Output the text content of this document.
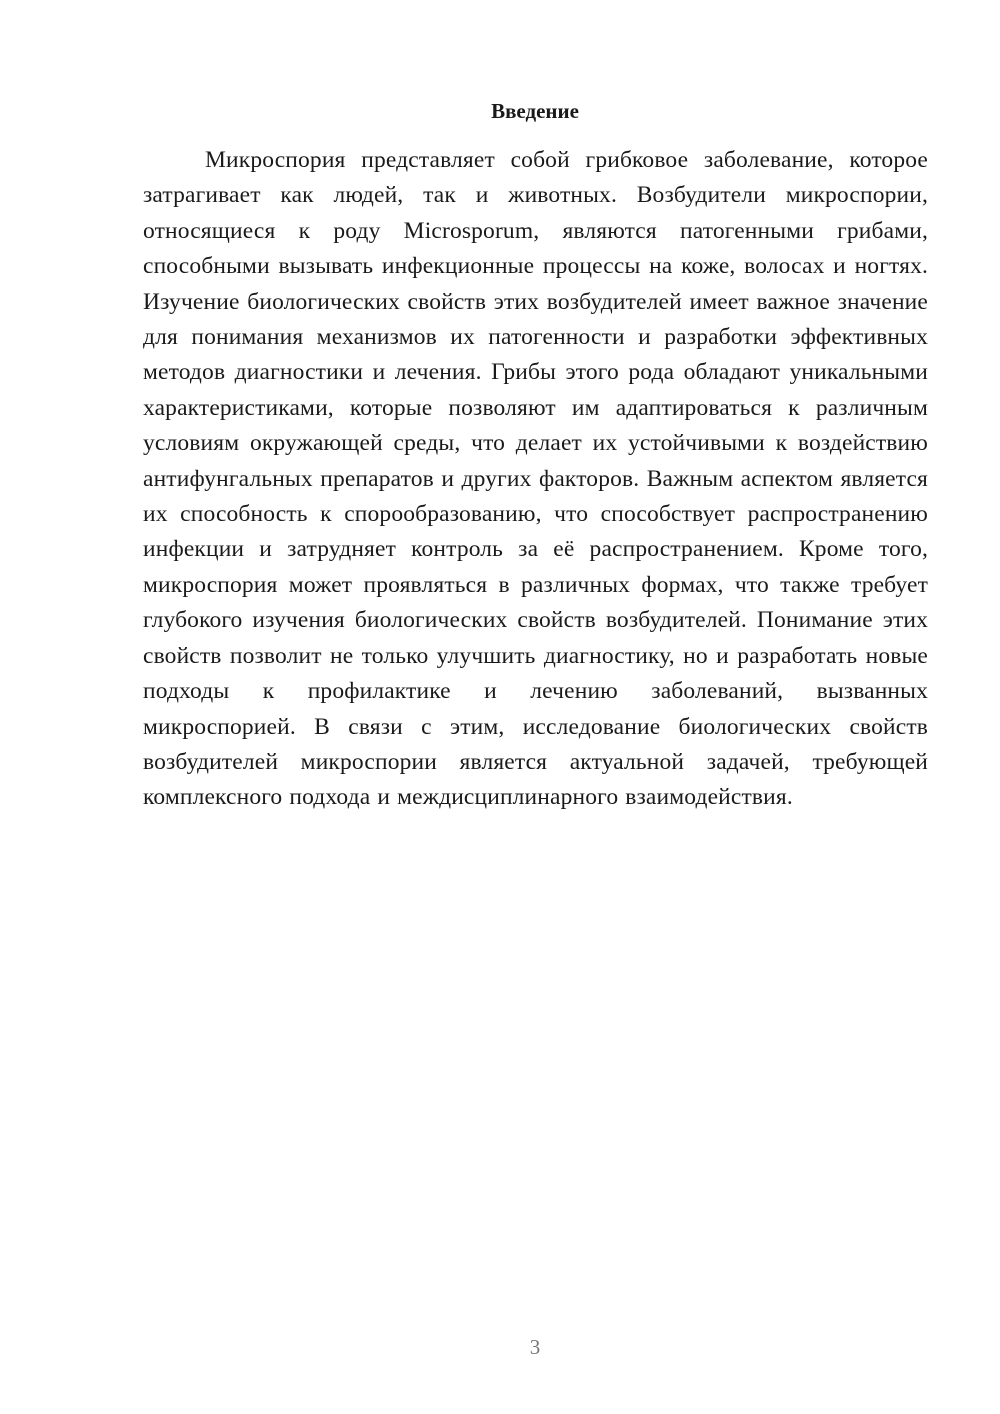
Введение

Микроспория представляет собой грибковое заболевание, которое затрагивает как людей, так и животных. Возбудители микроспории, относящиеся к роду Microsporum, являются патогенными грибами, способными вызывать инфекционные процессы на коже, волосах и ногтях. Изучение биологических свойств этих возбудителей имеет важное значение для понимания механизмов их патогенности и разработки эффективных методов диагностики и лечения. Грибы этого рода обладают уникальными характеристиками, которые позволяют им адаптироваться к различным условиям окружающей среды, что делает их устойчивыми к воздействию антифунгальных препаратов и других факторов. Важным аспектом является их способность к спорообразованию, что способствует распространению инфекции и затрудняет контроль за её распространением. Кроме того, микроспория может проявляться в различных формах, что также требует глубокого изучения биологических свойств возбудителей. Понимание этих свойств позволит не только улучшить диагностику, но и разработать новые подходы к профилактике и лечению заболеваний, вызванных микроспорией. В связи с этим, исследование биологических свойств возбудителей микроспории является актуальной задачей, требующей комплексного подхода и междисциплинарного взаимодействия.

3
